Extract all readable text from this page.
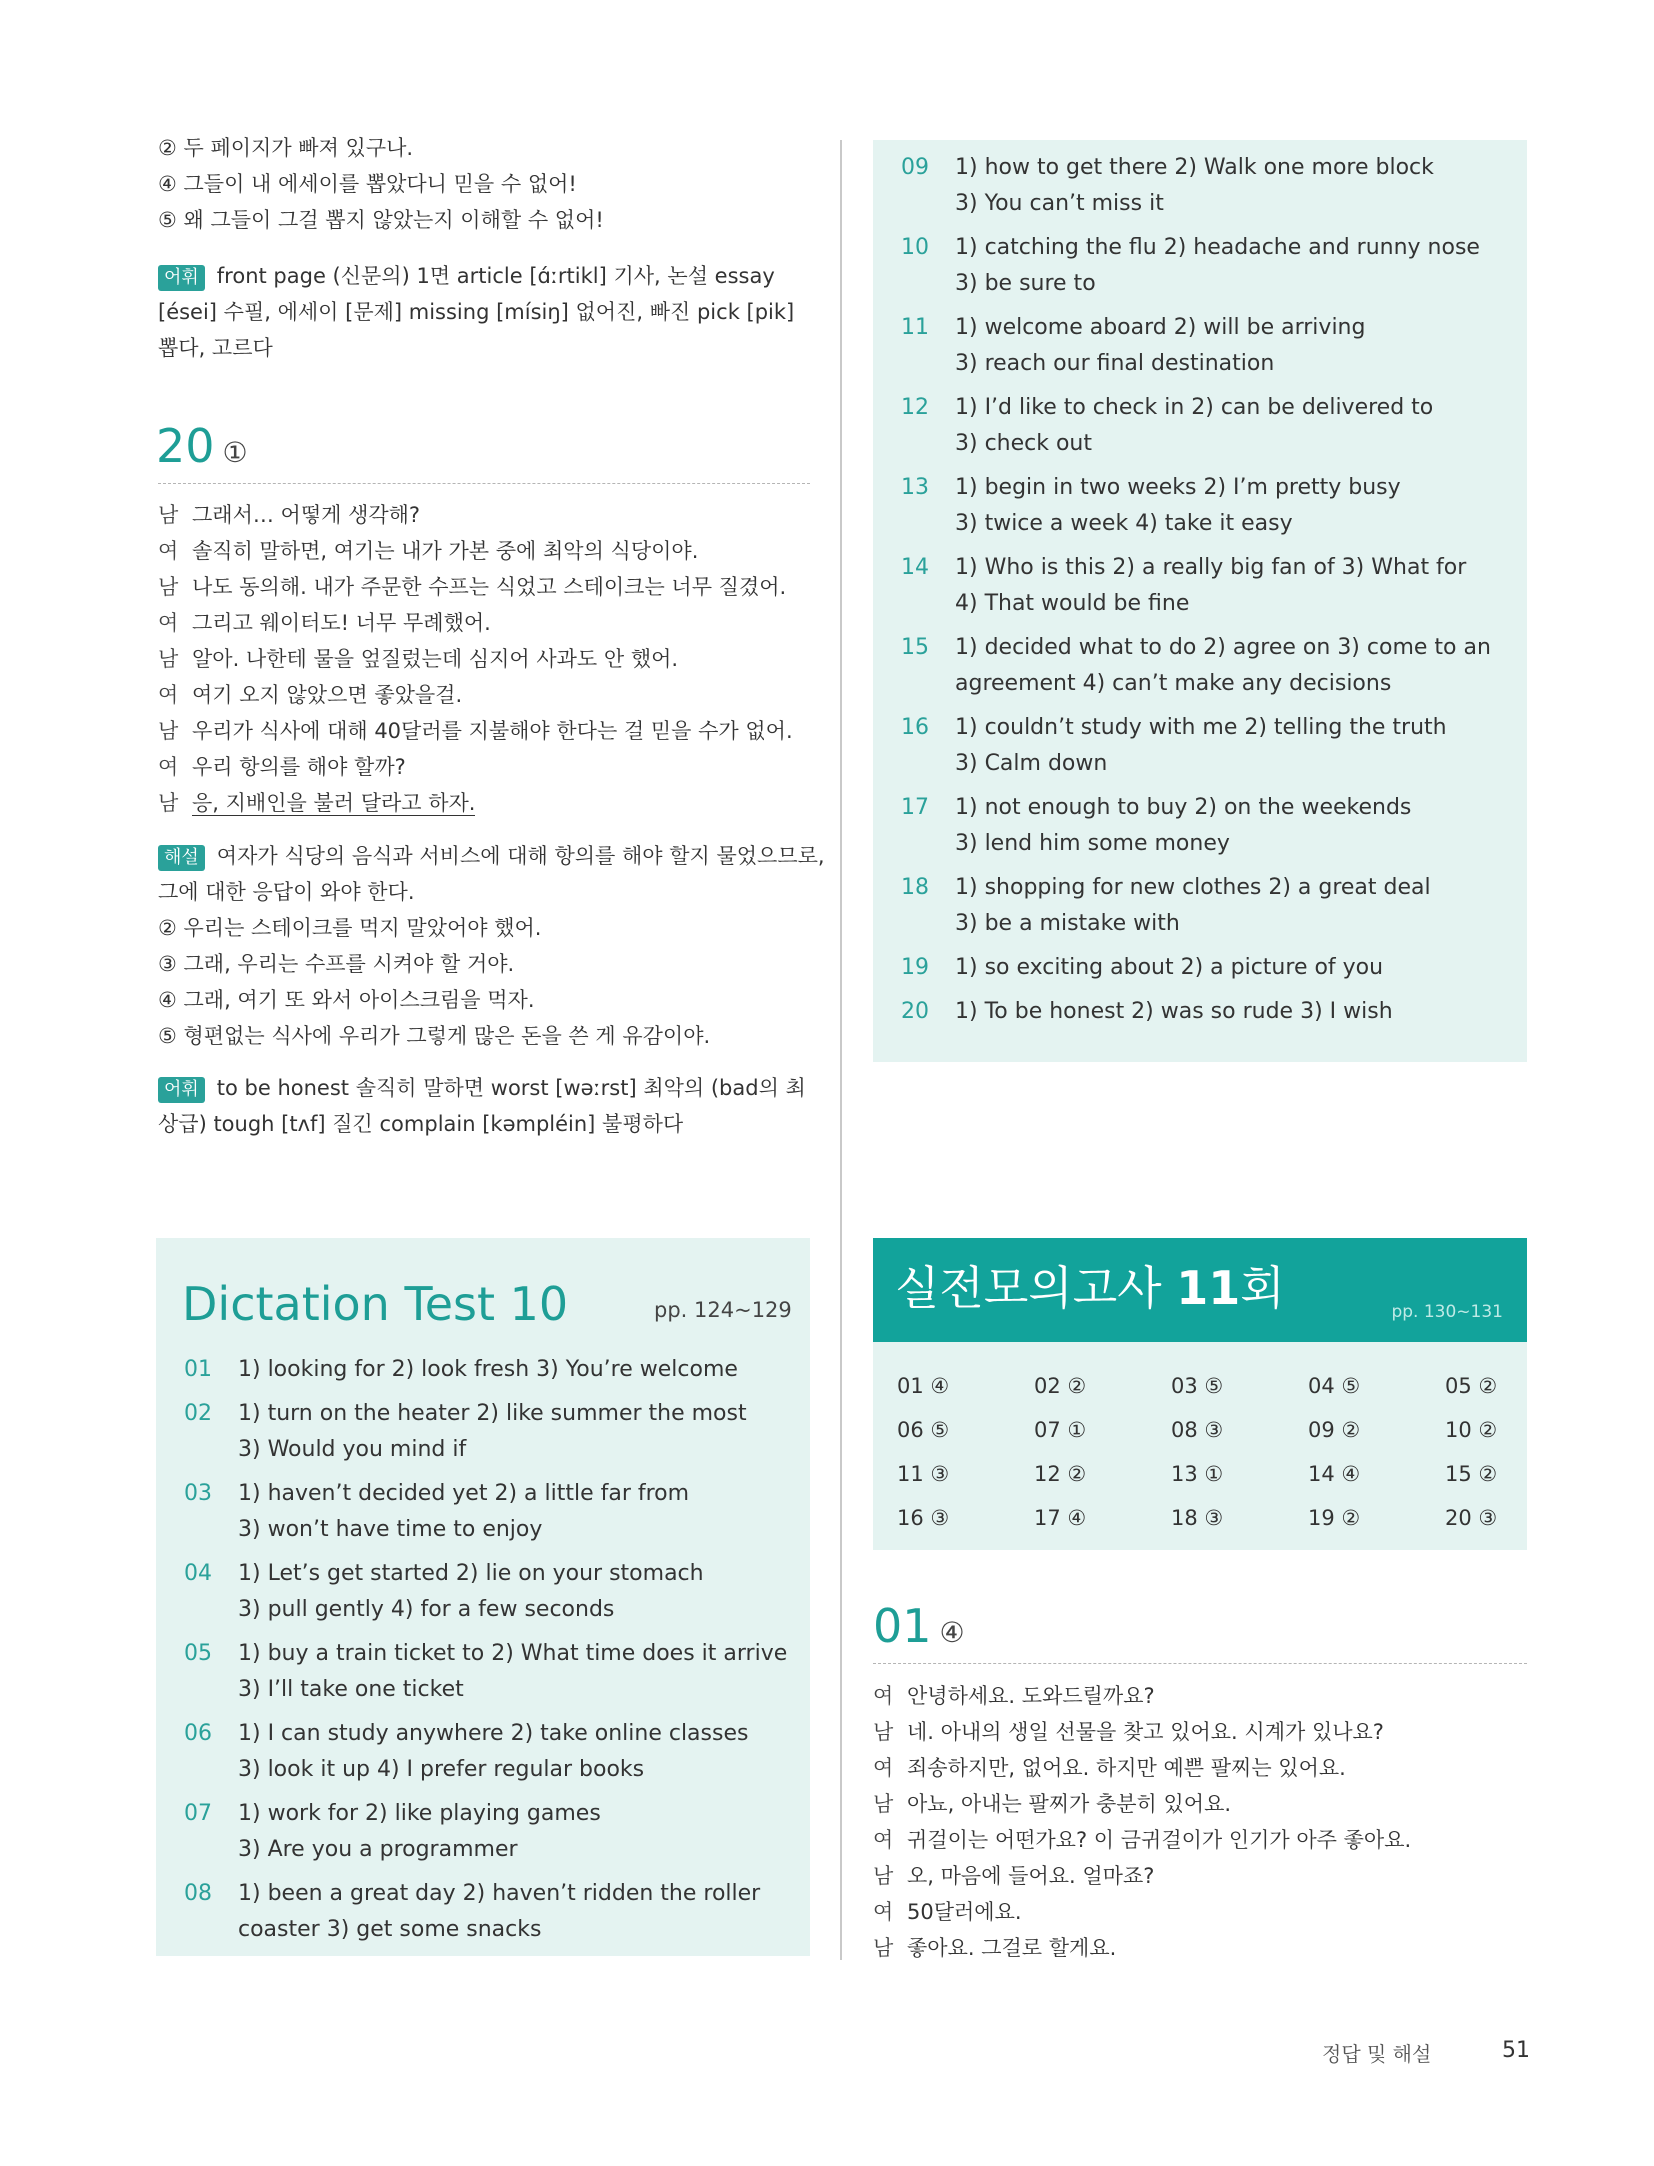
② 두 페이지가 빠져 있구나.
④ 그들이 내 에세이를 뽑았다니 믿을 수 없어!
⑤ 왜 그들이 그걸 뽑지 않았는지 이해할 수 없어!
어휘 front page (신문의) 1면 article [ɑ́ːrtikl] 기사, 논설 essay
[ései] 수필, 에세이 [문제] missing [mísiŋ] 없어진, 빠진 pick [pik]
뽑다, 고르다
20 ①
남 그래서… 어떻게 생각해?
여 솔직히 말하면, 여기는 내가 가본 중에 최악의 식당이야.
남 나도 동의해. 내가 주문한 수프는 식었고 스테이크는 너무 질겼어.
여 그리고 웨이터도! 너무 무례했어.
남 알아. 나한테 물을 엎질렀는데 심지어 사과도 안 했어.
여 여기 오지 않았으면 좋았을걸.
남 우리가 식사에 대해 40달러를 지불해야 한다는 걸 믿을 수가 없어.
여 우리 항의를 해야 할까?
남 응, 지배인을 불러 달라고 하자.
해설 여자가 식당의 음식과 서비스에 대해 항의를 해야 할지 물었으므로,
그에 대한 응답이 와야 한다.
② 우리는 스테이크를 먹지 말았어야 했어.
③ 그래, 우리는 수프를 시켜야 할 거야.
④ 그래, 여기 또 와서 아이스크림을 먹자.
⑤ 형편없는 식사에 우리가 그렇게 많은 돈을 쓴 게 유감이야.
어휘 to be honest 솔직히 말하면 worst [wəːrst] 최악의 (bad의 최
상급) tough [tʌf] 질긴 complain [kəmpléin] 불평하다
Dictation Test 10	pp. 124~129
01 1) looking for 2) look fresh 3) You’re welcome
02 1) turn on the heater 2) like summer the most
3) Would you mind if
03 1) haven’t decided yet 2) a little far from
3) won’t have time to enjoy
04 1) Let’s get started 2) lie on your stomach
3) pull gently 4) for a few seconds
05 1) buy a train ticket to 2) What time does it arrive
3) I’ll take one ticket
06 1) I can study anywhere 2) take online classes
3) look it up 4) I prefer regular books
07 1) work for 2) like playing games
3) Are you a programmer
08 1) been a great day 2) haven’t ridden the roller
coaster 3) get some snacks
09 1) how to get there 2) Walk one more block
3) You can’t miss it
10 1) catching the flu 2) headache and runny nose
3) be sure to
11 1) welcome aboard 2) will be arriving
3) reach our final destination
12 1) I’d like to check in 2) can be delivered to
3) check out
13 1) begin in two weeks 2) I’m pretty busy
3) twice a week 4) take it easy
14 1) Who is this 2) a really big fan of 3) What for
4) That would be fine
15 1) decided what to do 2) agree on 3) come to an
agreement 4) can’t make any decisions
16 1) couldn’t study with me 2) telling the truth
3) Calm down
17 1) not enough to buy 2) on the weekends
3) lend him some money
18 1) shopping for new clothes 2) a great deal
3) be a mistake with
19 1) so exciting about 2) a picture of you
20 1) To be honest 2) was so rude 3) I wish
실전모의고사 11회	pp. 130~131
01 ④	02 ②	03 ⑤	04 ⑤	05 ②
06 ⑤	07 ①	08 ③	09 ②	10 ②
11 ③	12 ②	13 ①	14 ④	15 ②
16 ③	17 ④	18 ③	19 ②	20 ③
01 ④
여 안녕하세요. 도와드릴까요?
남 네. 아내의 생일 선물을 찾고 있어요. 시계가 있나요?
여 죄송하지만, 없어요. 하지만 예쁜 팔찌는 있어요.
남 아뇨, 아내는 팔찌가 충분히 있어요.
여 귀걸이는 어떤가요? 이 금귀걸이가 인기가 아주 좋아요.
남 오, 마음에 들어요. 얼마죠?
여 50달러에요.
남 좋아요. 그걸로 할게요.
정답 및 해설	51
